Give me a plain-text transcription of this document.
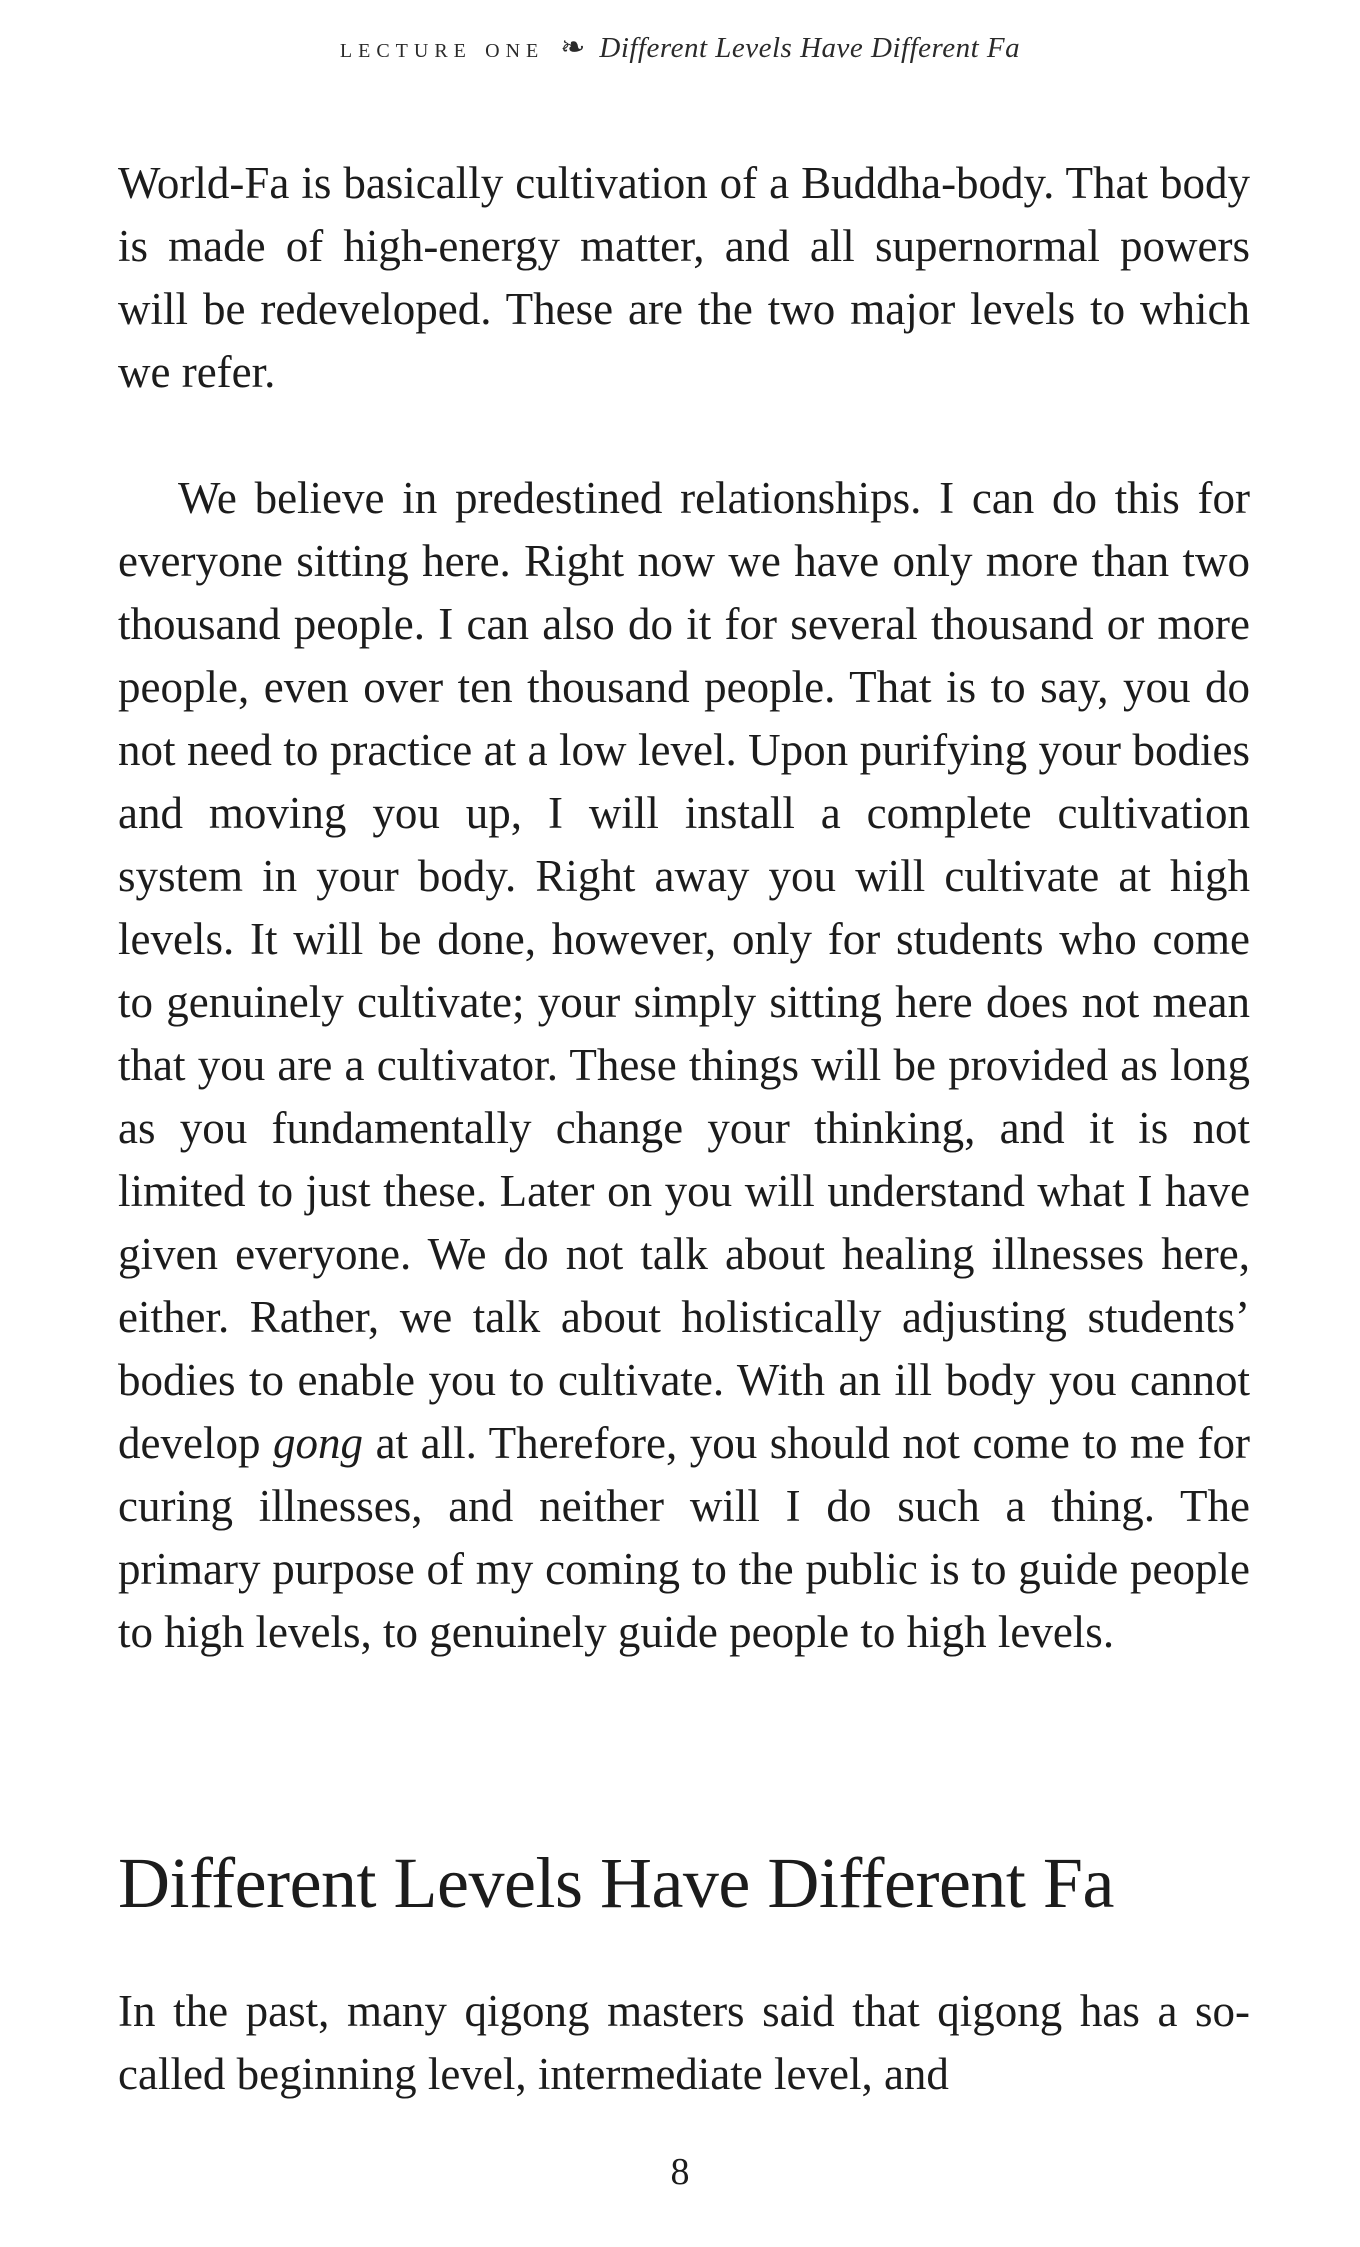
lecture one ❧ Different Levels Have Different Fa

World-Fa is basically cultivation of a Buddha-body. That body is made of high-energy matter, and all supernormal powers will be redeveloped. These are the two major levels to which we refer.

We believe in predestined relationships. I can do this for everyone sitting here. Right now we have only more than two thousand people. I can also do it for several thousand or more people, even over ten thousand people. That is to say, you do not need to practice at a low level. Upon purifying your bodies and moving you up, I will install a complete cultivation system in your body. Right away you will cultivate at high levels. It will be done, however, only for students who come to genuinely cultivate; your simply sitting here does not mean that you are a cultivator. These things will be provided as long as you fundamentally change your thinking, and it is not limited to just these. Later on you will understand what I have given everyone. We do not talk about healing illnesses here, either. Rather, we talk about holistically adjusting students’ bodies to enable you to cultivate. With an ill body you cannot develop gong at all. Therefore, you should not come to me for curing illnesses, and neither will I do such a thing. The primary purpose of my coming to the public is to guide people to high levels, to genuinely guide people to high levels.

Different Levels Have Different Fa

In the past, many qigong masters said that qigong has a so-called beginning level, intermediate level, and

8
